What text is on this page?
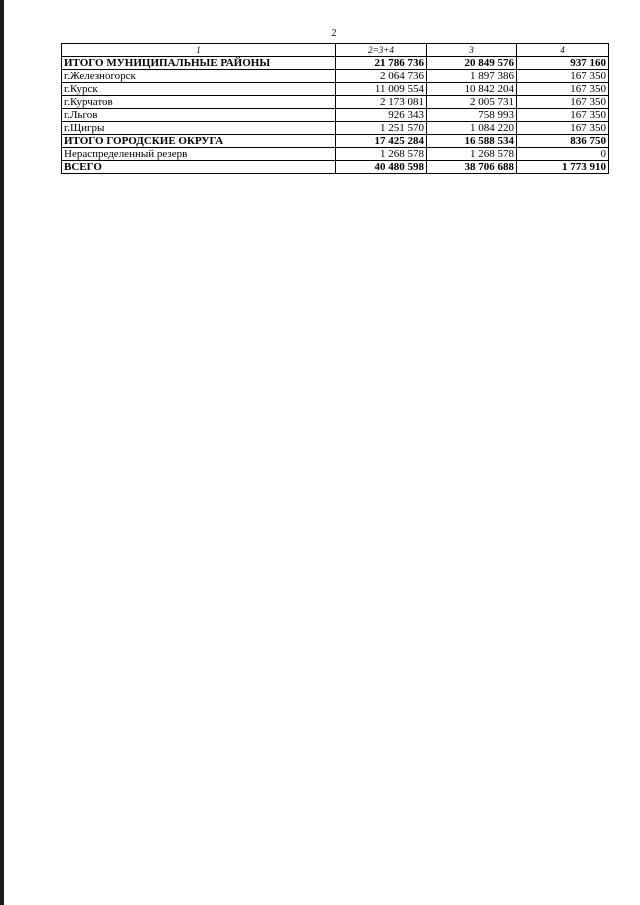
2
1	2=3+4	3	4
ИТОГО МУНИЦИПАЛЬНЫЕ РАЙОНЫ	21 786 736	20 849 576	937 160
г.Железногорск	2 064 736	1 897 386	167 350
г.Курск	11 009 554	10 842 204	167 350
г.Курчатов	2 173 081	2 005 731	167 350
г.Льгов	926 343	758 993	167 350
г.Щигры	1 251 570	1 084 220	167 350
ИТОГО ГОРОДСКИЕ ОКРУГА	17 425 284	16 588 534	836 750
Нераспределенный резерв	1 268 578	1 268 578	0
ВСЕГО	40 480 598	38 706 688	1 773 910
